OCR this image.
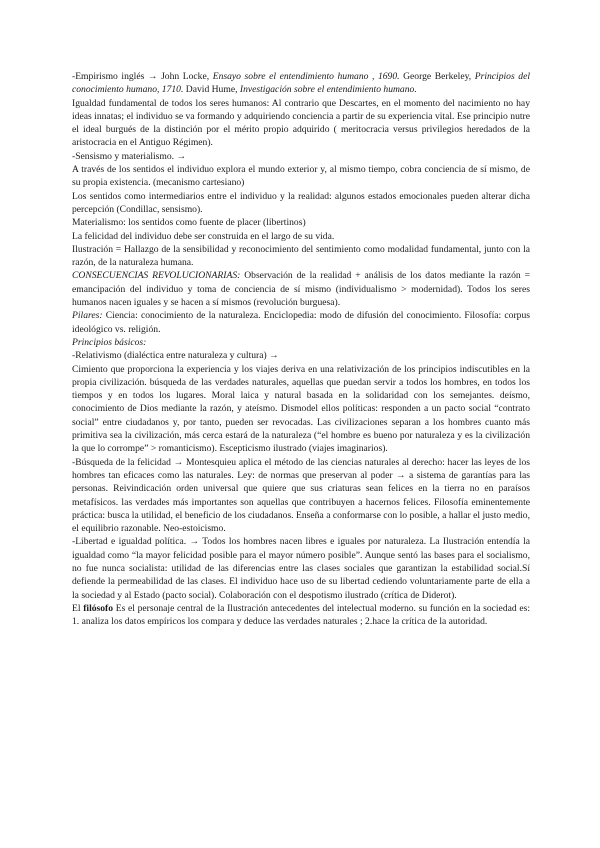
-Empirismo inglés → John Locke, Ensayo sobre el entendimiento humano , 1690. George Berkeley, Principios del conocimiento humano, 1710. David Hume, Investigación sobre el entendimiento humano.

Igualdad fundamental de todos los seres humanos: Al contrario que Descartes, en el momento del nacimiento no hay ideas innatas; el individuo se va formando y adquiriendo conciencia a partir de su experiencia vital. Ese principio nutre el ideal burgués de la distinción por el mérito propio adquirido ( meritocracia versus privilegios heredados de la aristocracia en el Antiguo Régimen).

-Sensismo y materialismo. →

A través de los sentidos el individuo explora el mundo exterior y, al mismo tiempo, cobra conciencia de sí mismo, de su propia existencia. (mecanismo cartesiano)

Los sentidos como intermediarios entre el individuo y la realidad: algunos estados emocionales pueden alterar dicha percepción (Condillac, sensismo).

Materialismo: los sentidos como fuente de placer (libertinos)

La felicidad del individuo debe ser construida en el largo de su vida.

Ilustración = Hallazgo de la sensibilidad y reconocimiento del sentimiento como modalidad fundamental, junto con la razón, de la naturaleza humana.

CONSECUENCIAS REVOLUCIONARIAS: Observación de la realidad + análisis de los datos mediante la razón = emancipación del individuo y toma de conciencia de sí mismo (individualismo > modernidad). Todos los seres humanos nacen iguales y se hacen a sí mismos (revolución burguesa).

Pilares: Ciencia: conocimiento de la naturaleza. Enciclopedia: modo de difusión del conocimiento. Filosofía: corpus ideológico vs. religión.

Principios básicos:

-Relativismo (dialéctica entre naturaleza y cultura) →

Cimiento que proporciona la experiencia y los viajes deriva en una relativización de los principios indiscutibles en la propia civilización. búsqueda de las verdades naturales, aquellas que puedan servir a todos los hombres, en todos los tiempos y en todos los lugares. Moral laica y natural basada en la solidaridad con los semejantes. deísmo, conocimiento de Dios mediante la razón, y ateísmo. Dismodel ellos políticas: responden a un pacto social “contrato social” entre ciudadanos y, por tanto, pueden ser revocadas. Las civilizaciones separan a los hombres cuanto más primitiva sea la civilización, más cerca estará de la naturaleza (“el hombre es bueno por naturaleza y es la civilización la que lo corrompe” > romanticismo). Escepticismo ilustrado (viajes imaginarios).

-Búsqueda de la felicidad → Montesquieu aplica el método de las ciencias naturales al derecho: hacer las leyes de los hombres tan eficaces como las naturales. Ley: de normas que preservan al poder → a sistema de garantías para las personas. Reivindicación orden universal que quiere que sus criaturas sean felices en la tierra no en paraísos metafísicos. las verdades más importantes son aquellas que contribuyen a hacernos felices. Filosofía eminentemente práctica: busca la utilidad, el beneficio de los ciudadanos. Enseña a conformarse con lo posible, a hallar el justo medio, el equilibrio razonable. Neo-estoicismo.

-Libertad e igualdad política. → Todos los hombres nacen libres e iguales por naturaleza. La Ilustración entendía la igualdad como “la mayor felicidad posible para el mayor número posible”. Aunque sentó las bases para el socialismo, no fue nunca socialista: utilidad de las diferencias entre las clases sociales que garantizan la estabilidad social.Sí defiende la permeabilidad de las clases. El individuo hace uso de su libertad cediendo voluntariamente parte de ella a la sociedad y al Estado (pacto social). Colaboración con el despotismo ilustrado (crítica de Diderot).

El filósofo Es el personaje central de la Ilustración antecedentes del intelectual moderno. su función en la sociedad es: 1. analiza los datos empíricos los compara y deduce las verdades naturales ; 2.hace la crítica de la autoridad.
